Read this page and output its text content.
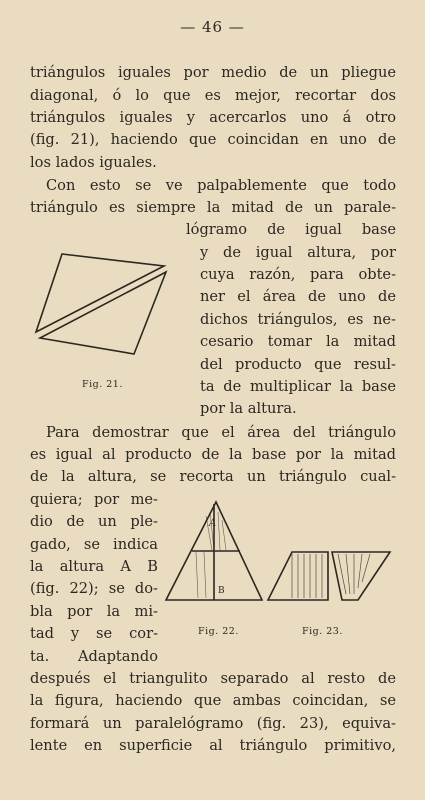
— 46 —
triángulos iguales por medio de un pliegue
diagonal, ó lo que es mejor, recortar dos
triángulos iguales y acercarlos uno á otro
(fig. 21), haciendo que coincidan en uno de
los lados iguales.
Con esto se ve palpablemente que todo
triángulo es siempre la mitad de un parale-
lógramo de igual base
y de igual altura, por
cuya razón, para obte-
ner el área de uno de
dichos triángulos, es ne-
cesario tomar la mitad
del producto que resul-
ta de multiplicar la base
por la altura.
Para demostrar que el área del triángulo
es igual al producto de la base por la mitad
de la altura, se recorta un triángulo cual-
quiera; por me-
dio de un ple-
gado, se indica
la altura A B
(fig. 22); se do-
bla por la mi-
tad y se cor-
ta. Adaptando
después el triangulito separado al resto de
la figura, haciendo que ambas coincidan, se
formará un paralelógramo (fig. 23), equiva-
lente en superficie al triángulo primitivo,
Fig. 21.
A
B
Fig. 22.	Fig. 23.
